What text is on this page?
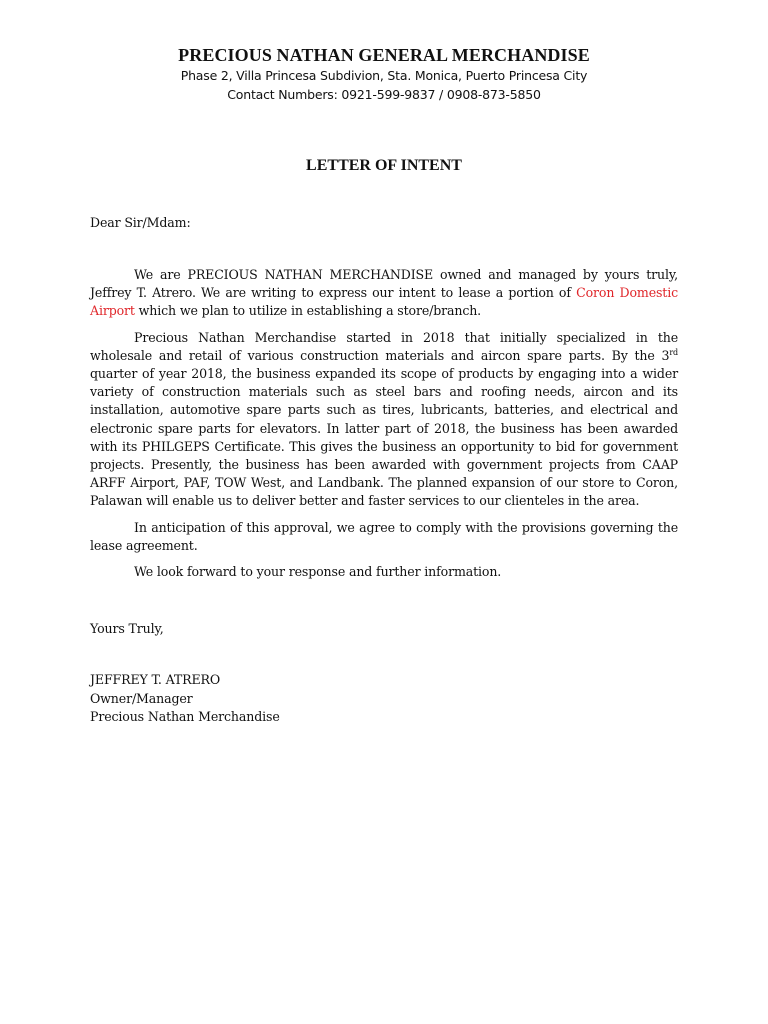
PRECIOUS NATHAN GENERAL MERCHANDISE
Phase 2, Villa Princesa Subdivion, Sta. Monica, Puerto Princesa City
Contact Numbers: 0921-599-9837 / 0908-873-5850
LETTER OF INTENT
Dear Sir/Mdam:

We are PRECIOUS NATHAN MERCHANDISE owned and managed by yours truly, Jeffrey T. Atrero. We are writing to express our intent to lease a portion of Coron Domestic Airport which we plan to utilize in establishing a store/branch.

Precious Nathan Merchandise started in 2018 that initially specialized in the wholesale and retail of various construction materials and aircon spare parts. By the 3rd quarter of year 2018, the business expanded its scope of products by engaging into a wider variety of construction materials such as steel bars and roofing needs, aircon and its installation, automotive spare parts such as tires, lubricants, batteries, and electrical and electronic spare parts for elevators. In latter part of 2018, the business has been awarded with its PHILGEPS Certificate. This gives the business an opportunity to bid for government projects. Presently, the business has been awarded with government projects from CAAP ARFF Airport, PAF, TOW West, and Landbank. The planned expansion of our store to Coron, Palawan will enable us to deliver better and faster services to our clienteles in the area.

In anticipation of this approval, we agree to comply with the provisions governing the lease agreement.

We look forward to your response and further information.

Yours Truly,
JEFFREY T. ATRERO
Owner/Manager
Precious Nathan Merchandise
